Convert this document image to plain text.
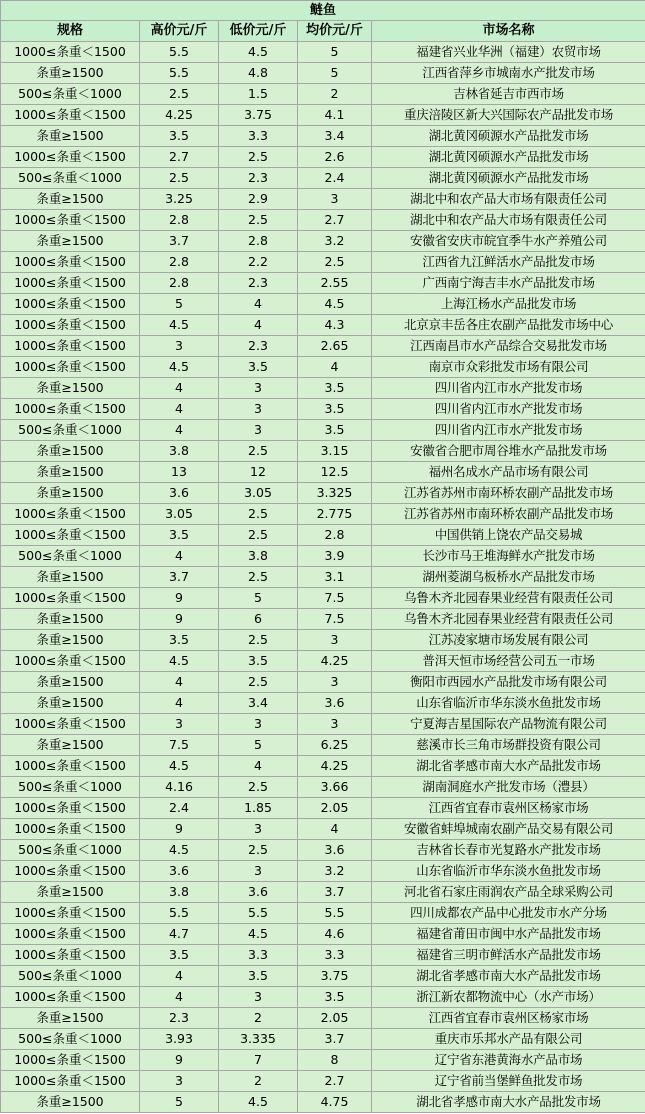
鲢鱼				
规格	高价元/斤	低价元/斤	均价元/斤	市场名称
1000≤条重＜1500	5.5	4.5	5	福建省兴业华洲（福建）农贸市场
条重≥1500	5.5	4.8	5	江西省萍乡市城南水产批发市场
500≤条重＜1000	2.5	1.5	2	吉林省延吉市西市场
1000≤条重＜1500	4.25	3.75	4.1	重庆涪陵区新大兴国际农产品批发市场
条重≥1500	3.5	3.3	3.4	湖北黄冈硕源水产品批发市场
1000≤条重＜1500	2.7	2.5	2.6	湖北黄冈硕源水产品批发市场
500≤条重＜1000	2.5	2.3	2.4	湖北黄冈硕源水产品批发市场
条重≥1500	3.25	2.9	3	湖北中和农产品大市场有限责任公司
1000≤条重＜1500	2.8	2.5	2.7	湖北中和农产品大市场有限责任公司
条重≥1500	3.7	2.8	3.2	安徽省安庆市皖宜季牛水产养殖公司
1000≤条重＜1500	2.8	2.2	2.5	江西省九江鲜活水产品批发市场
1000≤条重＜1500	2.8	2.3	2.55	广西南宁海吉丰水产品批发市场
1000≤条重＜1500	5	4	4.5	上海江杨水产品批发市场
1000≤条重＜1500	4.5	4	4.3	北京京丰岳各庄农副产品批发市场中心
1000≤条重＜1500	3	2.3	2.65	江西南昌市水产品综合交易批发市场
1000≤条重＜1500	4.5	3.5	4	南京市众彩批发市场有限公司
条重≥1500	4	3	3.5	四川省内江市水产批发市场
1000≤条重＜1500	4	3	3.5	四川省内江市水产批发市场
500≤条重＜1000	4	3	3.5	四川省内江市水产批发市场
条重≥1500	3.8	2.5	3.15	安徽省合肥市周谷堆水产品批发市场
条重≥1500	13	12	12.5	福州名成水产品市场有限公司
条重≥1500	3.6	3.05	3.325	江苏省苏州市南环桥农副产品批发市场
1000≤条重＜1500	3.05	2.5	2.775	江苏省苏州市南环桥农副产品批发市场
1000≤条重＜1500	3.5	2.5	2.8	中国供销上饶农产品交易城
500≤条重＜1000	4	3.8	3.9	长沙市马王堆海鲜水产批发市场
条重≥1500	3.7	2.5	3.1	湖州菱湖乌板桥水产品批发市场
1000≤条重＜1500	9	5	7.5	乌鲁木齐北园春果业经营有限责任公司
条重≥1500	9	6	7.5	乌鲁木齐北园春果业经营有限责任公司
条重≥1500	3.5	2.5	3	江苏凌家塘市场发展有限公司
1000≤条重＜1500	4.5	3.5	4.25	普洱天恒市场经营公司五一市场
条重≥1500	4	2.5	3	衡阳市西园水产品批发市场有限公司
条重≥1500	4	3.4	3.6	山东省临沂市华东淡水鱼批发市场
1000≤条重＜1500	3	3	3	宁夏海吉星国际农产品物流有限公司
条重≥1500	7.5	5	6.25	慈溪市长三角市场群投资有限公司
1000≤条重＜1500	4.5	4	4.25	湖北省孝感市南大水产品批发市场
500≤条重＜1000	4.16	2.5	3.66	湖南洞庭水产批发市场（澧县）
1000≤条重＜1500	2.4	1.85	2.05	江西省宜春市袁州区杨家市场
1000≤条重＜1500	9	3	4	安徽省蚌埠城南农副产品交易有限公司
500≤条重＜1000	4.5	2.5	3.6	吉林省长春市光复路水产批发市场
1000≤条重＜1500	3.6	3	3.2	山东省临沂市华东淡水鱼批发市场
条重≥1500	3.8	3.6	3.7	河北省石家庄雨润农产品全球采购公司
1000≤条重＜1500	5.5	5.5	5.5	四川成都农产品中心批发市水产分场
1000≤条重＜1500	4.7	4.5	4.6	福建省莆田市闽中水产品批发市场
1000≤条重＜1500	3.5	3.3	3.3	福建省三明市鲜活水产品批发市场
500≤条重＜1000	4	3.5	3.75	湖北省孝感市南大水产品批发市场
1000≤条重＜1500	4	3	3.5	浙江新农都物流中心（水产市场）
条重≥1500	2.3	2	2.05	江西省宜春市袁州区杨家市场
500≤条重＜1000	3.93	3.335	3.7	重庆市乐邦水产品有限公司
1000≤条重＜1500	9	7	8	辽宁省东港黄海水产品市场
1000≤条重＜1500	3	2	2.7	辽宁省前当堡鲜鱼批发市场
条重≥1500	5	4.5	4.75	湖北省孝感市南大水产品批发市场
